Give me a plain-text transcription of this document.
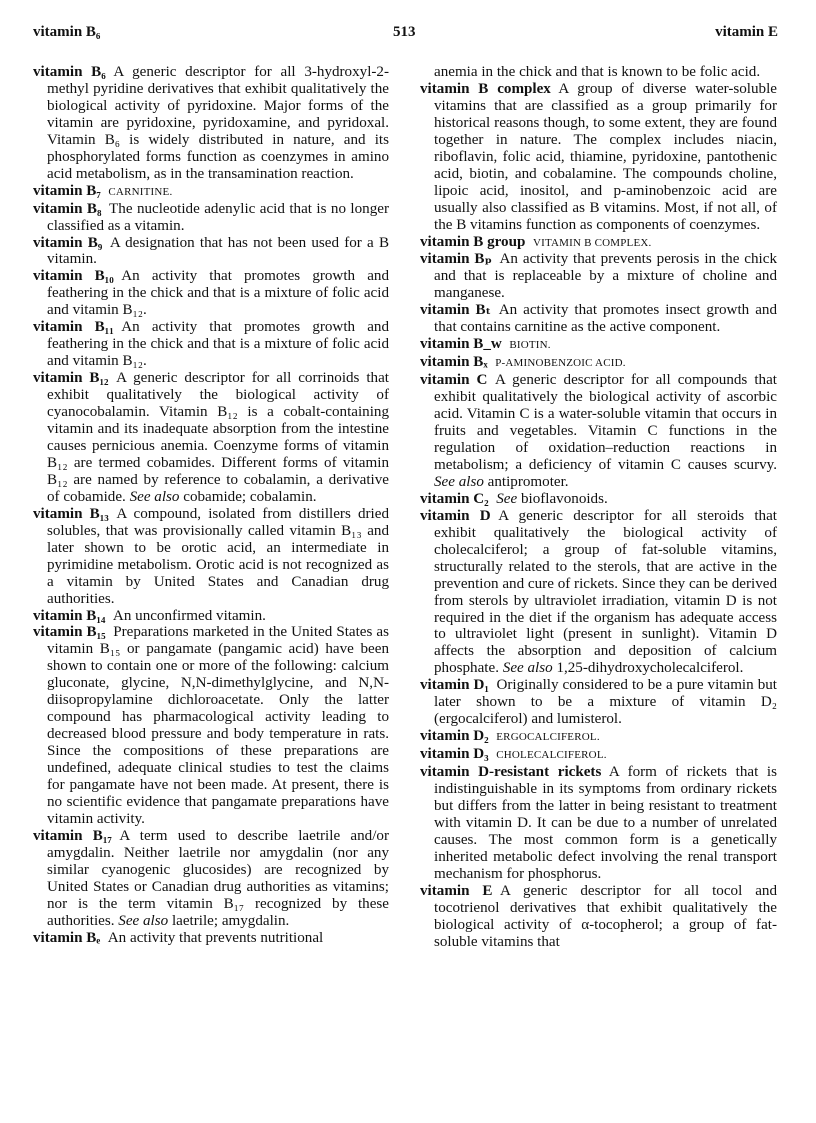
vitamin B₆	513	vitamin E

vitamin B₆  A generic descriptor for all 3-hydroxyl-2-methyl pyridine derivatives that exhibit qualitatively the biological activity of pyridoxine. Major forms of the vitamin are pyridoxine, pyridoxamine, and pyridoxal. Vitamin B₆ is widely distributed in nature, and its phosphorylated forms function as coenzymes in amino acid metabolism, as in the transamination reaction.

vitamin B₇  CARNITINE.

vitamin B₈  The nucleotide adenylic acid that is no longer classified as a vitamin.

vitamin B₉  A designation that has not been used for a B vitamin.

vitamin B₁₀  An activity that promotes growth and feathering in the chick and that is a mixture of folic acid and vitamin B₁₂.

vitamin B₁₁  An activity that promotes growth and feathering in the chick and that is a mixture of folic acid and vitamin B₁₂.

vitamin B₁₂  A generic descriptor for all corrinoids that exhibit qualitatively the biological activity of cyanocobalamin. Vitamin B₁₂ is a cobalt-containing vitamin and its inadequate absorption from the intestine causes pernicious anemia. Coenzyme forms of vitamin B₁₂ are termed cobamides. Different forms of vitamin B₁₂ are named by reference to cobalamin, a derivative of cobamide. See also cobamide; cobalamin.

vitamin B₁₃  A compound, isolated from distillers dried solubles, that was provisionally called vitamin B₁₃ and later shown to be orotic acid, an intermediate in pyrimidine metabolism. Orotic acid is not recognized as a vitamin by United States and Canadian drug authorities.

vitamin B₁₄  An unconfirmed vitamin.

vitamin B₁₅  Preparations marketed in the United States as vitamin B₁₅ or pangamate (pangamic acid) have been shown to contain one or more of the following: calcium gluconate, glycine, N,N-dimethylglycine, and N,N-diisopropylamine dichloroacetate. Only the latter compound has pharmacological activity leading to decreased blood pressure and body temperature in rats. Since the compositions of these preparations are undefined, adequate clinical studies to test the claims for pangamate have not been made. At present, there is no scientific evidence that pangamate preparations have vitamin activity.

vitamin B₁₇  A term used to describe laetrile and/or amygdalin. Neither laetrile nor amygdalin (nor any similar cyanogenic glucosides) are recognized by United States or Canadian drug authorities as vitamins; nor is the term vitamin B₁₇ recognized by these authorities. See also laetrile; amygdalin.

vitamin Bₑ  An activity that prevents nutritional

anemia in the chick and that is known to be folic acid.

vitamin B complex  A group of diverse water-soluble vitamins that are classified as a group primarily for historical reasons though, to some extent, they are found together in nature. The complex includes niacin, riboflavin, folic acid, thiamine, pyridoxine, pantothenic acid, biotin, and cobalamine. The compounds choline, lipoic acid, inositol, and p-aminobenzoic acid are usually also classified as B vitamins. Most, if not all, of the B vitamins function as components of coenzymes.

vitamin B group  VITAMIN B COMPLEX.

vitamin Bₚ  An activity that prevents perosis in the chick and that is replaceable by a mixture of choline and manganese.

vitamin Bₜ  An activity that promotes insect growth and that contains carnitine as the active component.

vitamin B_w  BIOTIN.

vitamin Bₓ  P-AMINOBENZOIC ACID.

vitamin C  A generic descriptor for all compounds that exhibit qualitatively the biological activity of ascorbic acid. Vitamin C is a water-soluble vitamin that occurs in fruits and vegetables. Vitamin C functions in the regulation of oxidation–reduction reactions in metabolism; a deficiency of vitamin C causes scurvy. See also antipromoter.

vitamin C₂  See bioflavonoids.

vitamin D  A generic descriptor for all steroids that exhibit qualitatively the biological activity of cholecalciferol; a group of fat-soluble vitamins, structurally related to the sterols, that are active in the prevention and cure of rickets. Since they can be derived from sterols by ultraviolet irradiation, vitamin D is not required in the diet if the organism has adequate access to ultraviolet light (present in sunlight). Vitamin D affects the absorption and deposition of calcium phosphate. See also 1,25-dihydroxycholecalciferol.

vitamin D₁  Originally considered to be a pure vitamin but later shown to be a mixture of vitamin D₂ (ergocalciferol) and lumisterol.

vitamin D₂  ERGOCALCIFEROL.

vitamin D₃  CHOLECALCIFEROL.

vitamin D-resistant rickets  A form of rickets that is indistinguishable in its symptoms from ordinary rickets but differs from the latter in being resistant to treatment with vitamin D. It can be due to a number of unrelated causes. The most common form is a genetically inherited metabolic defect involving the renal transport mechanism for phosphorus.

vitamin E  A generic descriptor for all tocol and tocotrienol derivatives that exhibit qualitatively the biological activity of α-tocopherol; a group of fat-soluble vitamins that
